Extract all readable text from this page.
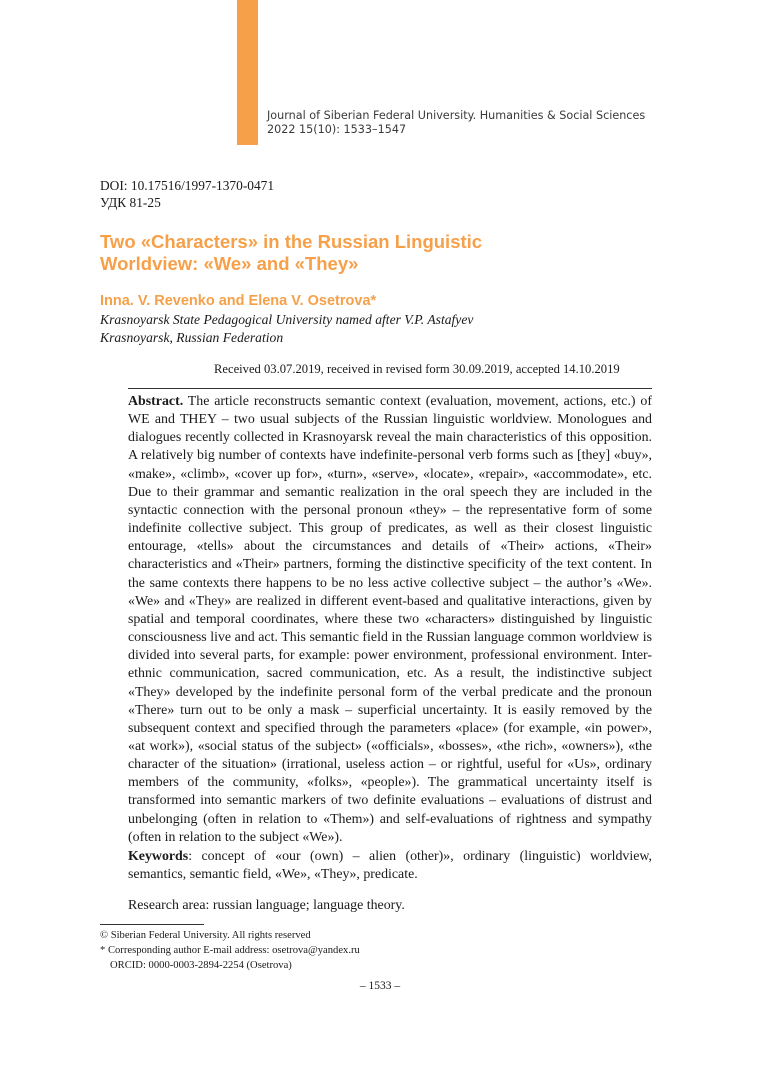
Journal of Siberian Federal University. Humanities & Social Sciences
2022 15(10): 1533–1547
DOI: 10.17516/1997-1370-0471
УДК 81-25
Two «Characters» in the Russian Linguistic
Worldview: «We» and «They»
Inna. V. Revenko and Elena V. Osetrova*
Krasnoyarsk State Pedagogical University named after V.P. Astafyev
Krasnoyarsk, Russian Federation
Received 03.07.2019, received in revised form 30.09.2019, accepted 14.10.2019

Abstract. The article reconstructs semantic context (evaluation, movement, actions, etc.) of WE and THEY – two usual subjects of the Russian linguistic worldview. Monologues and dialogues recently collected in Krasnoyarsk reveal the main characteristics of this opposition. A relatively big number of contexts have indefinite-personal verb forms such as [they] «buy», «make», «climb», «cover up for», «turn», «serve», «locate», «repair», «accommodate», etc. Due to their grammar and semantic realization in the oral speech they are included in the syntactic connection with the personal pronoun «they» – the representative form of some indefinite collective subject. This group of predicates, as well as their closest linguistic entourage, «tells» about the circumstances and details of «Their» actions, «Their» characteristics and «Their» partners, forming the distinctive specificity of the text content. In the same contexts there happens to be no less active collective subject – the author’s «We». «We» and «They» are realized in different event-based and qualitative interactions, given by spatial and temporal coordinates, where these two «characters» distinguished by linguistic consciousness live and act. This semantic field in the Russian language common worldview is divided into several parts, for example: power environment, professional environment. Inter-ethnic communication, sacred communication, etc. As a result, the indistinctive subject «They» developed by the indefinite personal form of the verbal predicate and the pronoun «There» turn out to be only a mask – superficial uncertainty. It is easily removed by the subsequent context and specified through the parameters «place» (for example, «in power», «at work»), «social status of the subject» («officials», «bosses», «the rich», «owners»), «the character of the situation» (irrational, useless action – or rightful, useful for «Us», ordinary members of the community, «folks», «people»). The grammatical uncertainty itself is transformed into semantic markers of two definite evaluations – evaluations of distrust and unbelonging (often in relation to «Them») and self-evaluations of rightness and sympathy (often in relation to the subject «We»).

Keywords: concept of «our (own) – alien (other)», ordinary (linguistic) worldview, semantics, semantic field, «We», «They», predicate.

Research area: russian language; language theory.

© Siberian Federal University. All rights reserved
* Corresponding author E-mail address: osetrova@yandex.ru
ORCID: 0000-0003-2894-2254 (Osetrova)
– 1533 –
